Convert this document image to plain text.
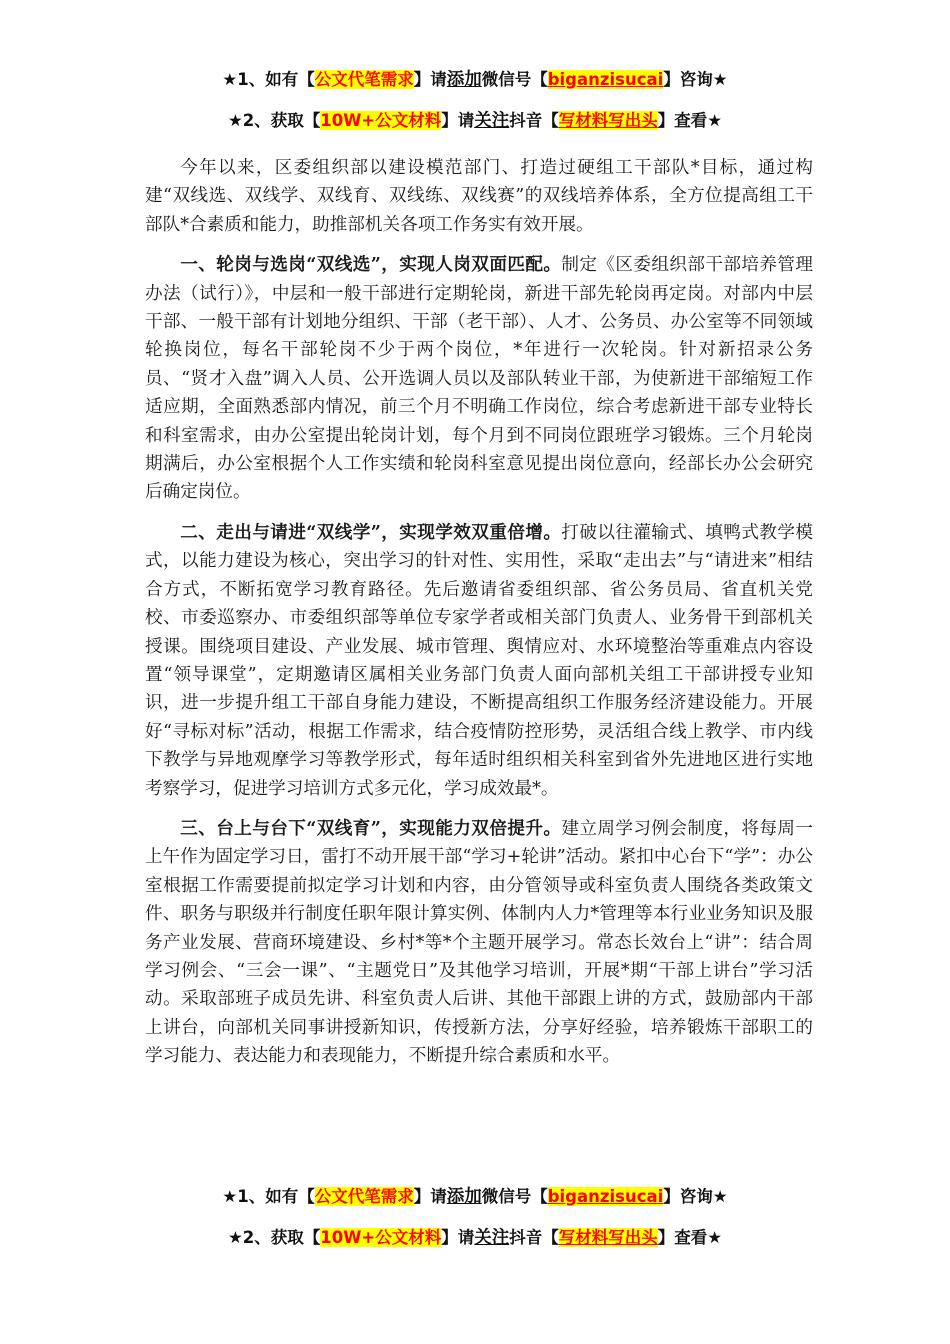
★1、如有【公文代笔需求】请添加微信号【biganzisucai】咨询★
★2、获取【10W+公文材料】请关注抖音【写材料写出头】查看★

今年以来，区委组织部以建设模范部门、打造过硬组工干部队*目标，通过构建“双线选、双线学、双线育、双线练、双线赛”的双线培养体系，全方位提高组工干部队*合素质和能力，助推部机关各项工作务实有效开展。

一、轮岗与选岗“双线选”，实现人岗双面匹配。制定《区委组织部干部培养管理办法（试行）》，中层和一般干部进行定期轮岗，新进干部先轮岗再定岗。对部内中层干部、一般干部有计划地分组织、干部（老干部）、人才、公务员、办公室等不同领域轮换岗位，每名干部轮岗不少于两个岗位，*年进行一次轮岗。针对新招录公务员、“贤才入盘”调入人员、公开选调人员以及部队转业干部，为使新进干部缩短工作适应期，全面熟悉部内情况，前三个月不明确工作岗位，综合考虑新进干部专业特长和科室需求，由办公室提出轮岗计划，每个月到不同岗位跟班学习锻炼。三个月轮岗期满后，办公室根据个人工作实绩和轮岗科室意见提出岗位意向，经部长办公会研究后确定岗位。

二、走出与请进“双线学”，实现学效双重倍增。打破以往灌输式、填鸭式教学模式，以能力建设为核心，突出学习的针对性、实用性，采取“走出去”与“请进来”相结合方式，不断拓宽学习教育路径。先后邀请省委组织部、省公务员局、省直机关党校、市委巡察办、市委组织部等单位专家学者或相关部门负责人、业务骨干到部机关授课。围绕项目建设、产业发展、城市管理、舆情应对、水环境整治等重难点内容设置“领导课堂”，定期邀请区属相关业务部门负责人面向部机关组工干部讲授专业知识，进一步提升组工干部自身能力建设，不断提高组织工作服务经济建设能力。开展好“寻标对标”活动，根据工作需求，结合疫情防控形势，灵活组合线上教学、市内线下教学与异地观摩学习等教学形式，每年适时组织相关科室到省外先进地区进行实地考察学习，促进学习培训方式多元化，学习成效最*。

三、台上与台下“双线育”，实现能力双倍提升。建立周学习例会制度，将每周一上午作为固定学习日，雷打不动开展干部“学习+轮讲”活动。紧扣中心台下“学”：办公室根据工作需要提前拟定学习计划和内容，由分管领导或科室负责人围绕各类政策文件、职务与职级并行制度任职年限计算实例、体制内人力*管理等本行业业务知识及服务产业发展、营商环境建设、乡村*等*个主题开展学习。常态长效台上“讲”：结合周学习例会、“三会一课”、“主题党日”及其他学习培训，开展*期“干部上讲台”学习活动。采取部班子成员先讲、科室负责人后讲、其他干部跟上讲的方式，鼓励部内干部上讲台，向部机关同事讲授新知识，传授新方法，分享好经验，培养锻炼干部职工的学习能力、表达能力和表现能力，不断提升综合素质和水平。

★1、如有【公文代笔需求】请添加微信号【biganzisucai】咨询★
★2、获取【10W+公文材料】请关注抖音【写材料写出头】查看★
